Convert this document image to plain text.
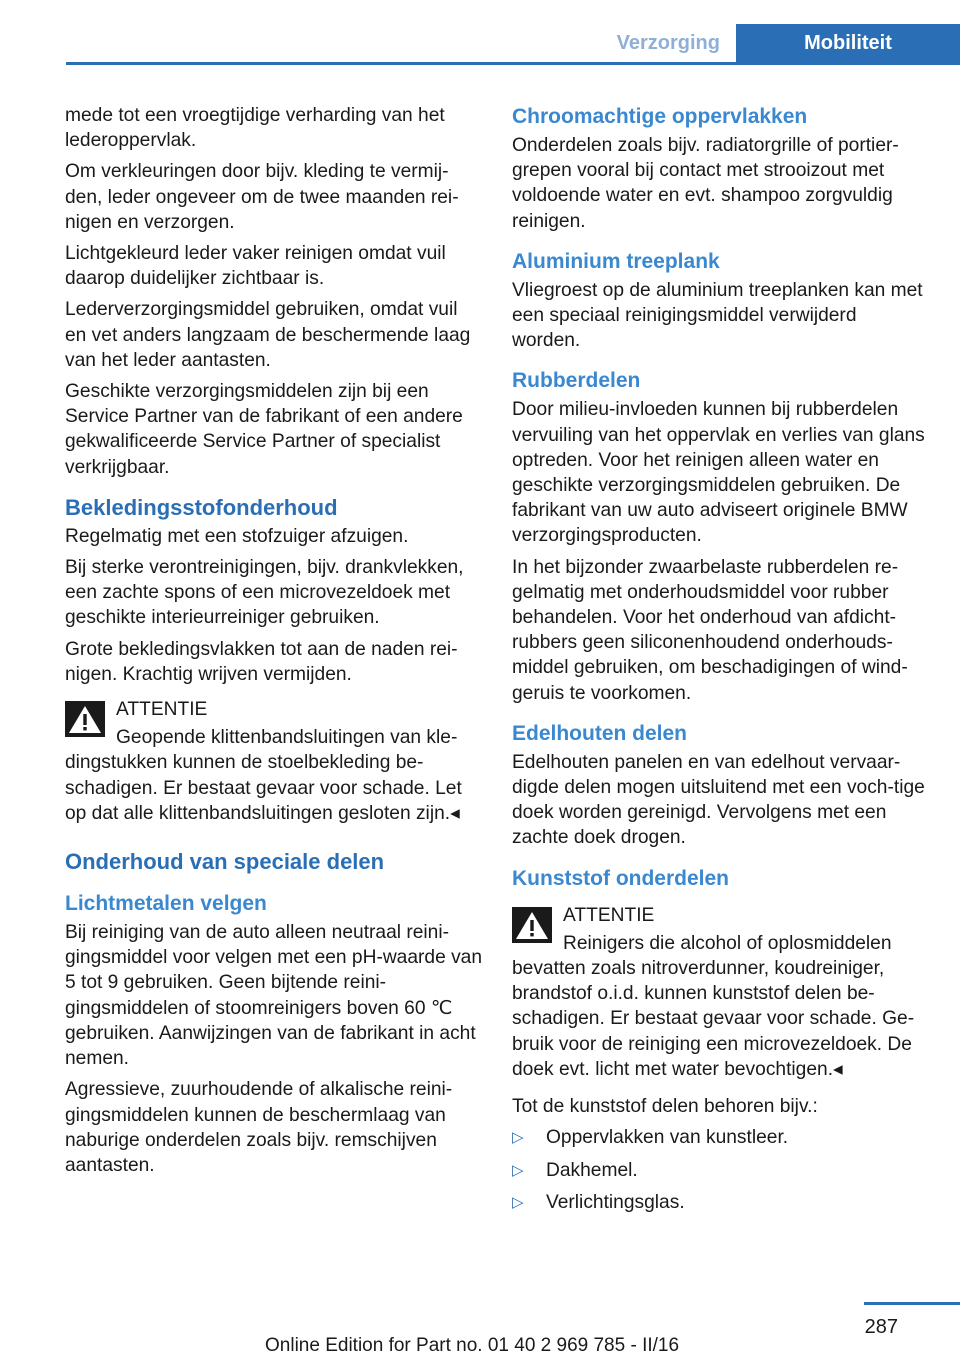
Verzorging	Mobiliteit

mede tot een vroegtijdige verharding van het lederoppervlak.

Om verkleuringen door bijv. kleding te vermij-den, leder ongeveer om de twee maanden rei-nigen en verzorgen.

Lichtgekleurd leder vaker reinigen omdat vuil daarop duidelijker zichtbaar is.

Lederverzorgingsmiddel gebruiken, omdat vuil en vet anders langzaam de beschermende laag van het leder aantasten.

Geschikte verzorgingsmiddelen zijn bij een Service Partner van de fabrikant of een andere gekwalificeerde Service Partner of specialist verkrijgbaar.

Bekledingsstofonderhoud

Regelmatig met een stofzuiger afzuigen.

Bij sterke verontreinigingen, bijv. drankvlekken, een zachte spons of een microvezeldoek met geschikte interieurreiniger gebruiken.

Grote bekledingsvlakken tot aan de naden rei-nigen. Krachtig wrijven vermijden.

ATTENTIE

Geopende klittenbandsluitingen van kle-dingstukken kunnen de stoelbekleding be-schadigen. Er bestaat gevaar voor schade. Let op dat alle klittenbandsluitingen gesloten zijn.◂

Onderhoud van speciale delen
Lichtmetalen velgen

Bij reiniging van de auto alleen neutraal reini-gingsmiddel voor velgen met een pH-waarde van 5 tot 9 gebruiken. Geen bijtende reini-gingsmiddelen of stoomreinigers boven 60 ℃ gebruiken. Aanwijzingen van de fabrikant in acht nemen.

Agressieve, zuurhoudende of alkalische reini-gingsmiddelen kunnen de beschermlaag van naburige onderdelen zoals bijv. remschijven aantasten.

Chroomachtige oppervlakken

Onderdelen zoals bijv. radiatorgrille of portier-grepen vooral bij contact met strooizout met voldoende water en evt. shampoo zorgvuldig reinigen.

Aluminium treeplank

Vliegroest op de aluminium treeplanken kan met een speciaal reinigingsmiddel verwijderd worden.

Rubberdelen

Door milieu-invloeden kunnen bij rubberdelen vervuiling van het oppervlak en verlies van glans optreden. Voor het reinigen alleen water en geschikte verzorgingsmiddelen gebruiken. De fabrikant van uw auto adviseert originele BMW verzorgingsproducten.

In het bijzonder zwaarbelaste rubberdelen re-gelmatig met onderhoudsmiddel voor rubber behandelen. Voor het onderhoud van afdicht-rubbers geen siliconenhoudend onderhouds-middel gebruiken, om beschadigingen of wind-geruis te voorkomen.

Edelhouten delen

Edelhouten panelen en van edelhout vervaar-digde delen mogen uitsluitend met een voch-tige doek worden gereinigd. Vervolgens met een zachte doek drogen.

Kunststof onderdelen
ATTENTIE

Reinigers die alcohol of oplosmiddelen bevatten zoals nitroverdunner, koudreiniger, brandstof o.i.d. kunnen kunststof delen be-schadigen. Er bestaat gevaar voor schade. Ge-bruik voor de reiniging een microvezeldoek. De doek evt. licht met water bevochtigen.◂

Tot de kunststof delen behoren bijv.:

▷ Oppervlakken van kunstleer.
▷ Dakhemel.
▷ Verlichtingsglas.
287
Online Edition for Part no. 01 40 2 969 785 - II/16
